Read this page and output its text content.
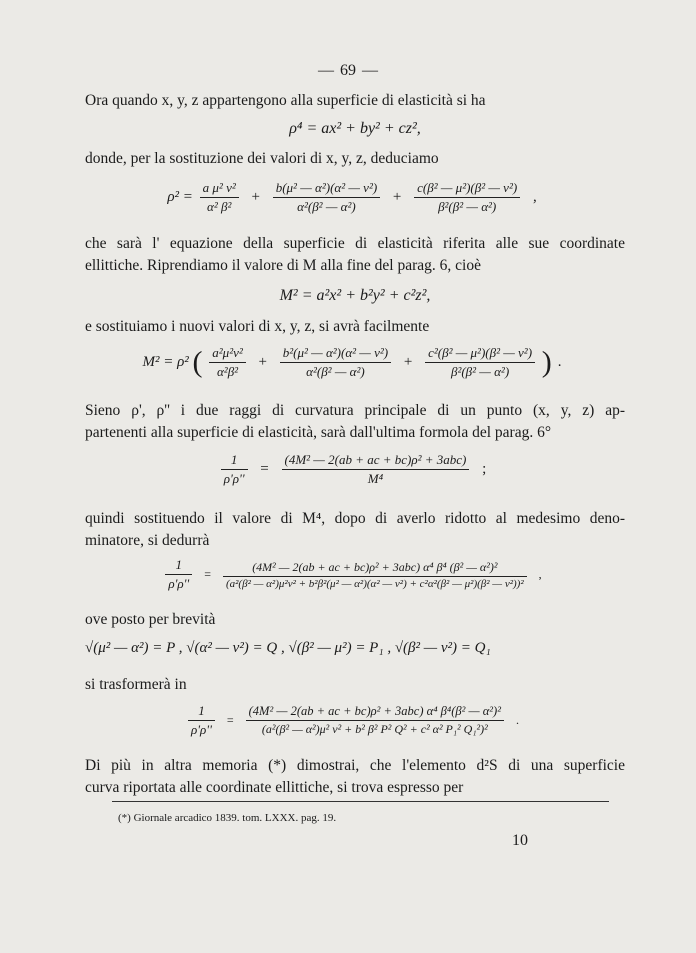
— 69 —
Ora quando x, y, z appartengono alla superficie di elasticità si ha
ρ⁴ = ax² + by² + cz²,
donde, per la sostituzione dei valori di x, y, z, deduciamo
$\rho^2 = \frac{\text{a μ² ν²}}{\text{α² β²}} + \frac{\text{b(μ² — α²)(α² — ν²)}}{\text{α²(β² — α²)}} + \frac{\text{c(β² — μ²)(β² — ν²)}}{\text{β²(β² — α²)}}$ ,
che sarà l' equazione della superficie di elasticità riferita alle sue coordinate
ellittiche. Riprendiamo il valore di M alla fine del parag. 6, cioè
M² = a²x² + b²y² + c²z²,
e sostituiamo i nuovi valori di x, y, z, si avrà facilmente
M² = ρ² ( $\frac{\text{a²μ²ν²}}{\text{α²β²}} + \frac{\text{b²(μ² — α²)(α² — ν²)}}{\text{α²(β² — α²)}} + \frac{\text{c²(β² — μ²)(β² — ν²)}}{\text{β²(β² — α²)}}$ ) .
Sieno ρ', ρ'' i due raggi di curvatura principale di un punto (x, y, z) ap-
partenenti alla superficie di elasticità, sarà dall'ultima formola del parag. 6°
$\frac{1}{\rho'\rho''} = \frac{\text{(4M² — 2(ab + ac + bc)ρ² + 3abc)}}{\text{M⁴}}$ ;
quindi sostituendo il valore di M⁴, dopo di averlo ridotto al medesimo deno-
minatore, si dedurrà
$\frac{1}{\rho'\rho''}$ =
(4M² — 2(ab + ac + bc)ρ² + 3abc) α⁴ β⁴ (β² — α²)²
(a²(β² — α²)μ²ν² + b²β²(μ² — α²)(α² — ν²) + c²α²(β² — μ²)(β² — ν²))²
,
ove posto per brevità
√(μ² — α²) = P , √(α² — ν²) = Q , √(β² — μ²) = P₁ , √(β² — ν²) = Q₁
si trasformerà in
$\frac{1}{\rho'\rho''} = \frac{\text{(4M² — 2(ab + ac + bc)ρ² + 3abc) α⁴ β⁴(β² — α²)²}}{\text{(a²(β² — α²)μ² ν² + b² β² P² Q² + c² α² P₁² Q₁²)²}}$ .
Di più in altra memoria (*) dimostrai, che l'elemento d²S di una superficie
curva riportata alle coordinate ellittiche, si trova espresso per
(*) Giornale arcadico 1839. tom. LXXX. pag. 19.
10
